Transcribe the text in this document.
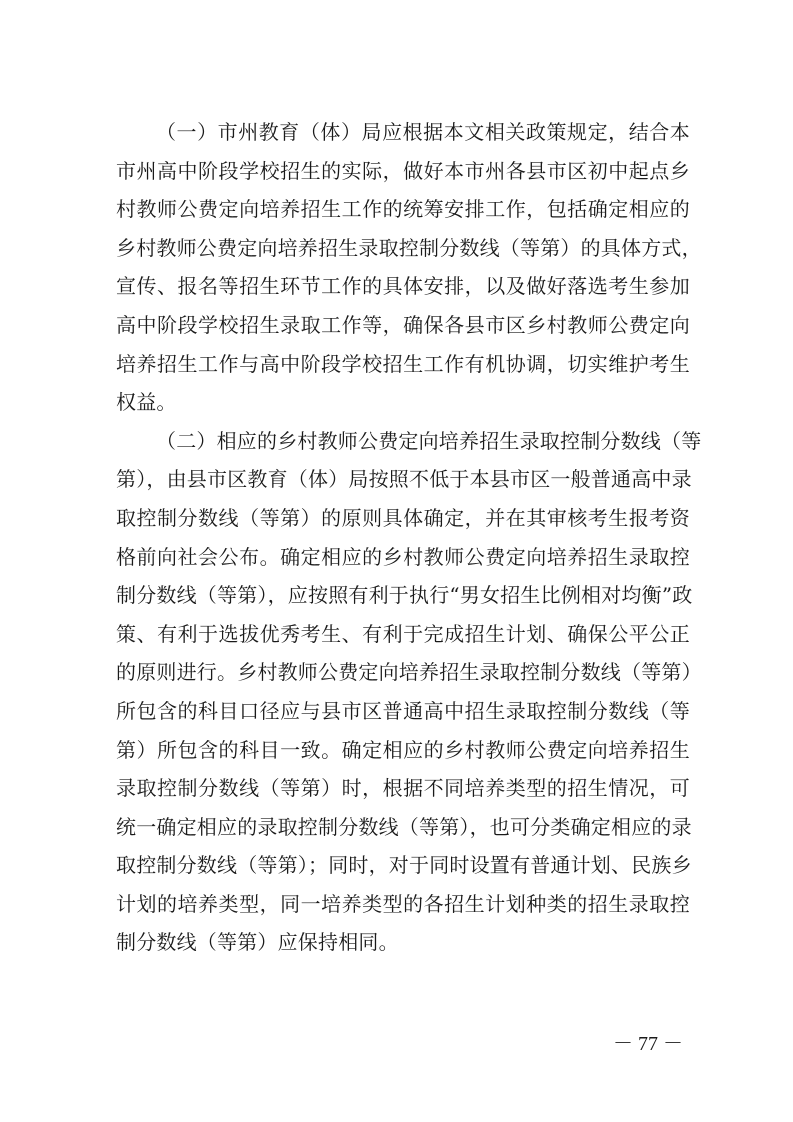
（一）市州教育（体）局应根据本文相关政策规定，结合本
市州高中阶段学校招生的实际，做好本市州各县市区初中起点乡
村教师公费定向培养招生工作的统筹安排工作，包括确定相应的
乡村教师公费定向培养招生录取控制分数线（等第）的具体方式，
宣传、报名等招生环节工作的具体安排，以及做好落选考生参加
高中阶段学校招生录取工作等，确保各县市区乡村教师公费定向
培养招生工作与高中阶段学校招生工作有机协调，切实维护考生
权益。
（二）相应的乡村教师公费定向培养招生录取控制分数线（等
第），由县市区教育（体）局按照不低于本县市区一般普通高中录
取控制分数线（等第）的原则具体确定，并在其审核考生报考资
格前向社会公布。确定相应的乡村教师公费定向培养招生录取控
制分数线（等第），应按照有利于执行“男女招生比例相对均衡”政
策、有利于选拔优秀考生、有利于完成招生计划、确保公平公正
的原则进行。乡村教师公费定向培养招生录取控制分数线（等第）
所包含的科目口径应与县市区普通高中招生录取控制分数线（等
第）所包含的科目一致。确定相应的乡村教师公费定向培养招生
录取控制分数线（等第）时，根据不同培养类型的招生情况，可
统一确定相应的录取控制分数线（等第），也可分类确定相应的录
取控制分数线（等第）；同时，对于同时设置有普通计划、民族乡
计划的培养类型，同一培养类型的各招生计划种类的招生录取控
制分数线（等第）应保持相同。
－ 77 －
